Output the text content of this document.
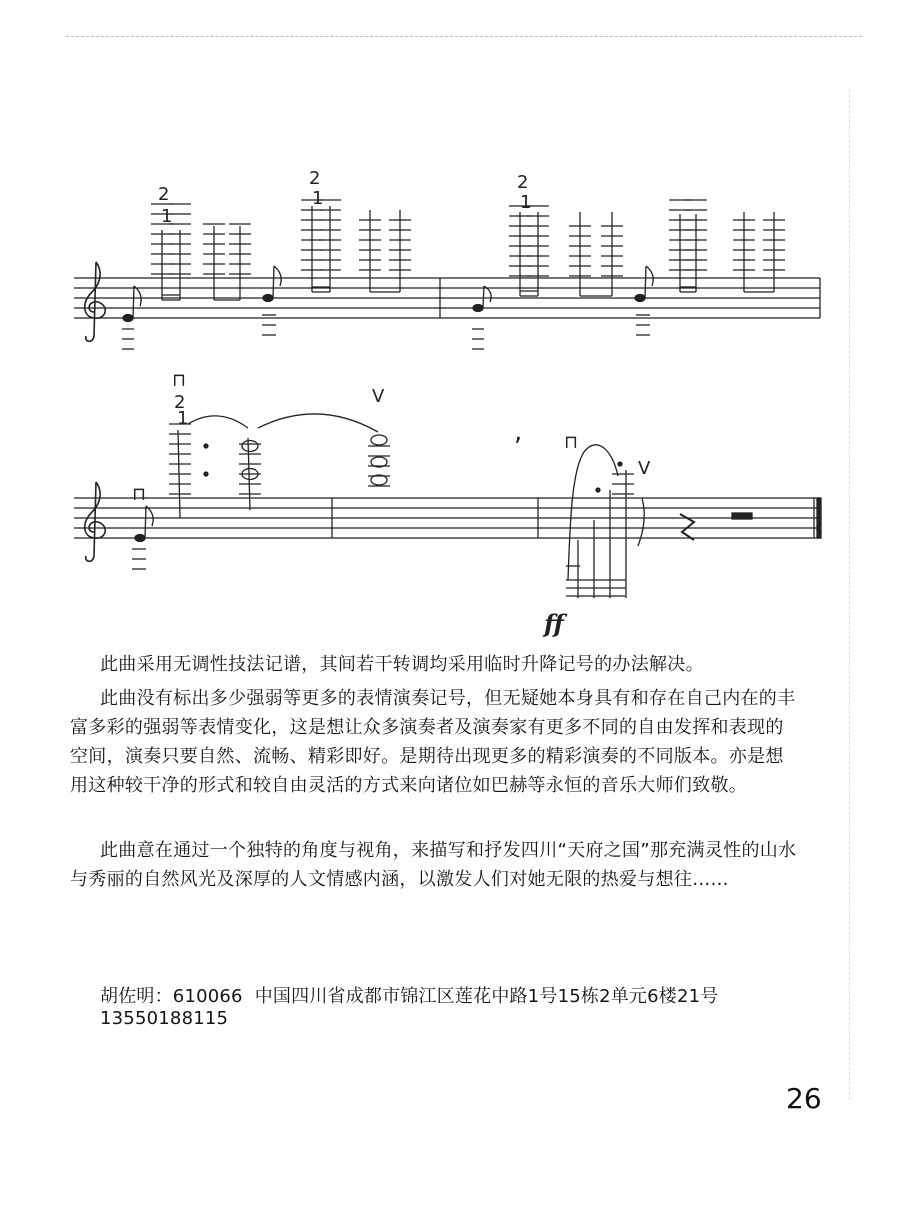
2
1
2
1
2
1
2
1
⊓
⊓
V
, ⊓
V
ff

此曲采用无调性技法记谱，其间若干转调均采用临时升降记号的办法解决。

此曲没有标出多少强弱等更多的表情演奏记号，但无疑她本身具有和存在自己内在的丰富多彩的强弱等表情变化，这是想让众多演奏者及演奏家有更多不同的自由发挥和表现的空间，演奏只要自然、流畅、精彩即好。是期待出现更多的精彩演奏的不同版本。亦是想用这种较干净的形式和较自由灵活的方式来向诸位如巴赫等永恒的音乐大师们致敬。

此曲意在通过一个独特的角度与视角，来描写和抒发四川“天府之国”那充满灵性的山水与秀丽的自然风光及深厚的人文情感内涵，以激发人们对她无限的热爱与想往……

胡佐明：610066 中国四川省成都市锦江区莲花中路1号15栋2单元6楼21号13550188115
26
